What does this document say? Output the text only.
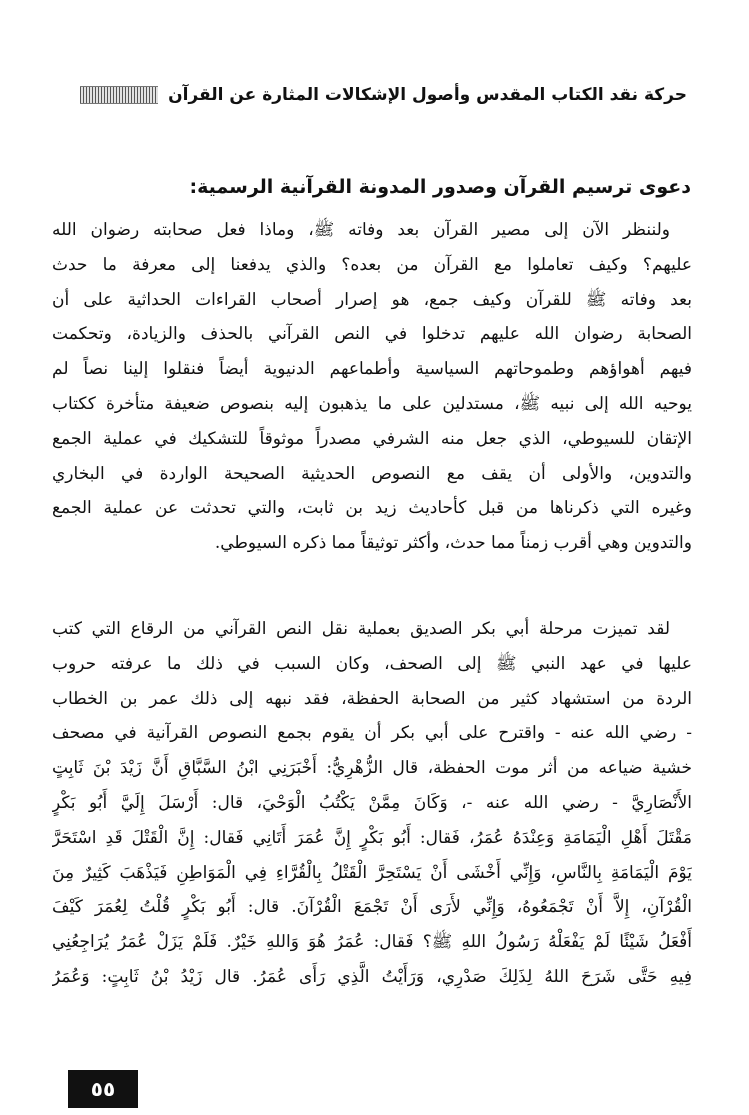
حركة نقد الكتاب المقدس وأصول الإشكالات المثارة عن القرآن
دعوى ترسيم القرآن وصدور المدونة القرآنية الرسمية:
ولننظر الآن إلى مصير القرآن بعد وفاته ﷺ، وماذا فعل صحابته رضوان الله
عليهم؟ وكيف تعاملوا مع القرآن من بعده؟ والذي يدفعنا إلى معرفة ما حدث
بعد وفاته ﷺ للقرآن وكيف جمع، هو إصرار أصحاب القراءات الحداثية على أن
الصحابة رضوان الله عليهم تدخلوا في النص القرآني بالحذف والزيادة، وتحكمت
فيهم أهواؤهم وطموحاتهم السياسية وأطماعهم الدنيوية أيضاً فنقلوا إلينا نصاً لم
يوحيه الله إلى نبيه ﷺ، مستدلين على ما يذهبون إليه بنصوص ضعيفة متأخرة ككتاب
الإتقان للسيوطي، الذي جعل منه الشرفي مصدراً موثوقاً للتشكيك في عملية الجمع
والتدوين، والأولى أن يقف مع النصوص الحديثية الصحيحة الواردة في البخاري
وغيره التي ذكرناها من قبل كأحاديث زيد بن ثابت، والتي تحدثت عن عملية الجمع
والتدوين وهي أقرب زمناً مما حدث، وأكثر توثيقاً مما ذكره السيوطي.
لقد تميزت مرحلة أبي بكر الصديق بعملية نقل النص القرآني من الرقاع التي كتب
عليها في عهد النبي ﷺ إلى الصحف، وكان السبب في ذلك ما عرفته حروب
الردة من استشهاد كثير من الصحابة الحفظة، فقد نبهه إلى ذلك عمر بن الخطاب
- رضي الله عنه - واقترح على أبي بكر أن يقوم بجمع النصوص القرآنية في مصحف
خشية ضياعه من أثر موت الحفظة، قال الزُّهْرِيُّ: أَخْبَرَنِي ابْنُ السَّبَّاقِ أَنَّ زَيْدَ بْنَ ثَابِتٍ
الأَنْصَارِيَّ - رضي الله عنه -، وَكَانَ مِمَّنْ يَكْتُبُ الْوَحْيَ، قال: أَرْسَلَ إِلَيَّ أَبُو بَكْرٍ
مَقْتَلَ أَهْلِ الْيَمَامَةِ وَعِنْدَهُ عُمَرُ، فَقال: أَبُو بَكْرٍ إِنَّ عُمَرَ أَتَانِي فَقال: إِنَّ الْقَتْلَ قَدِ اسْتَحَرَّ
يَوْمَ الْيَمَامَةِ بِالنَّاسِ، وَإِنِّي أَخْشَى أَنْ يَسْتَحِرَّ الْقَتْلُ بِالْقُرَّاءِ فِي الْمَوَاطِنِ فَيَذْهَبَ كَثِيرٌ مِنَ
الْقُرْآنِ، إِلاَّ أَنْ تَجْمَعُوهُ، وَإِنِّي لأَرَى أَنْ تَجْمَعَ الْقُرْآنَ. قال: أَبُو بَكْرٍ قُلْتُ لِعُمَرَ كَيْفَ
أَفْعَلُ شَيْئًا لَمْ يَفْعَلْهُ رَسُولُ اللهِ ﷺ؟ فَقال: عُمَرُ هُوَ وَاللهِ خَيْرٌ. فَلَمْ يَزَلْ عُمَرُ يُرَاجِعُنِي
فِيهِ حَتَّى شَرَحَ اللهُ لِذَلِكَ صَدْرِي، وَرَأَيْتُ الَّذِي رَأَى عُمَرُ. قال زَيْدُ بْنُ ثَابِتٍ: وَعُمَرُ
٥٥
